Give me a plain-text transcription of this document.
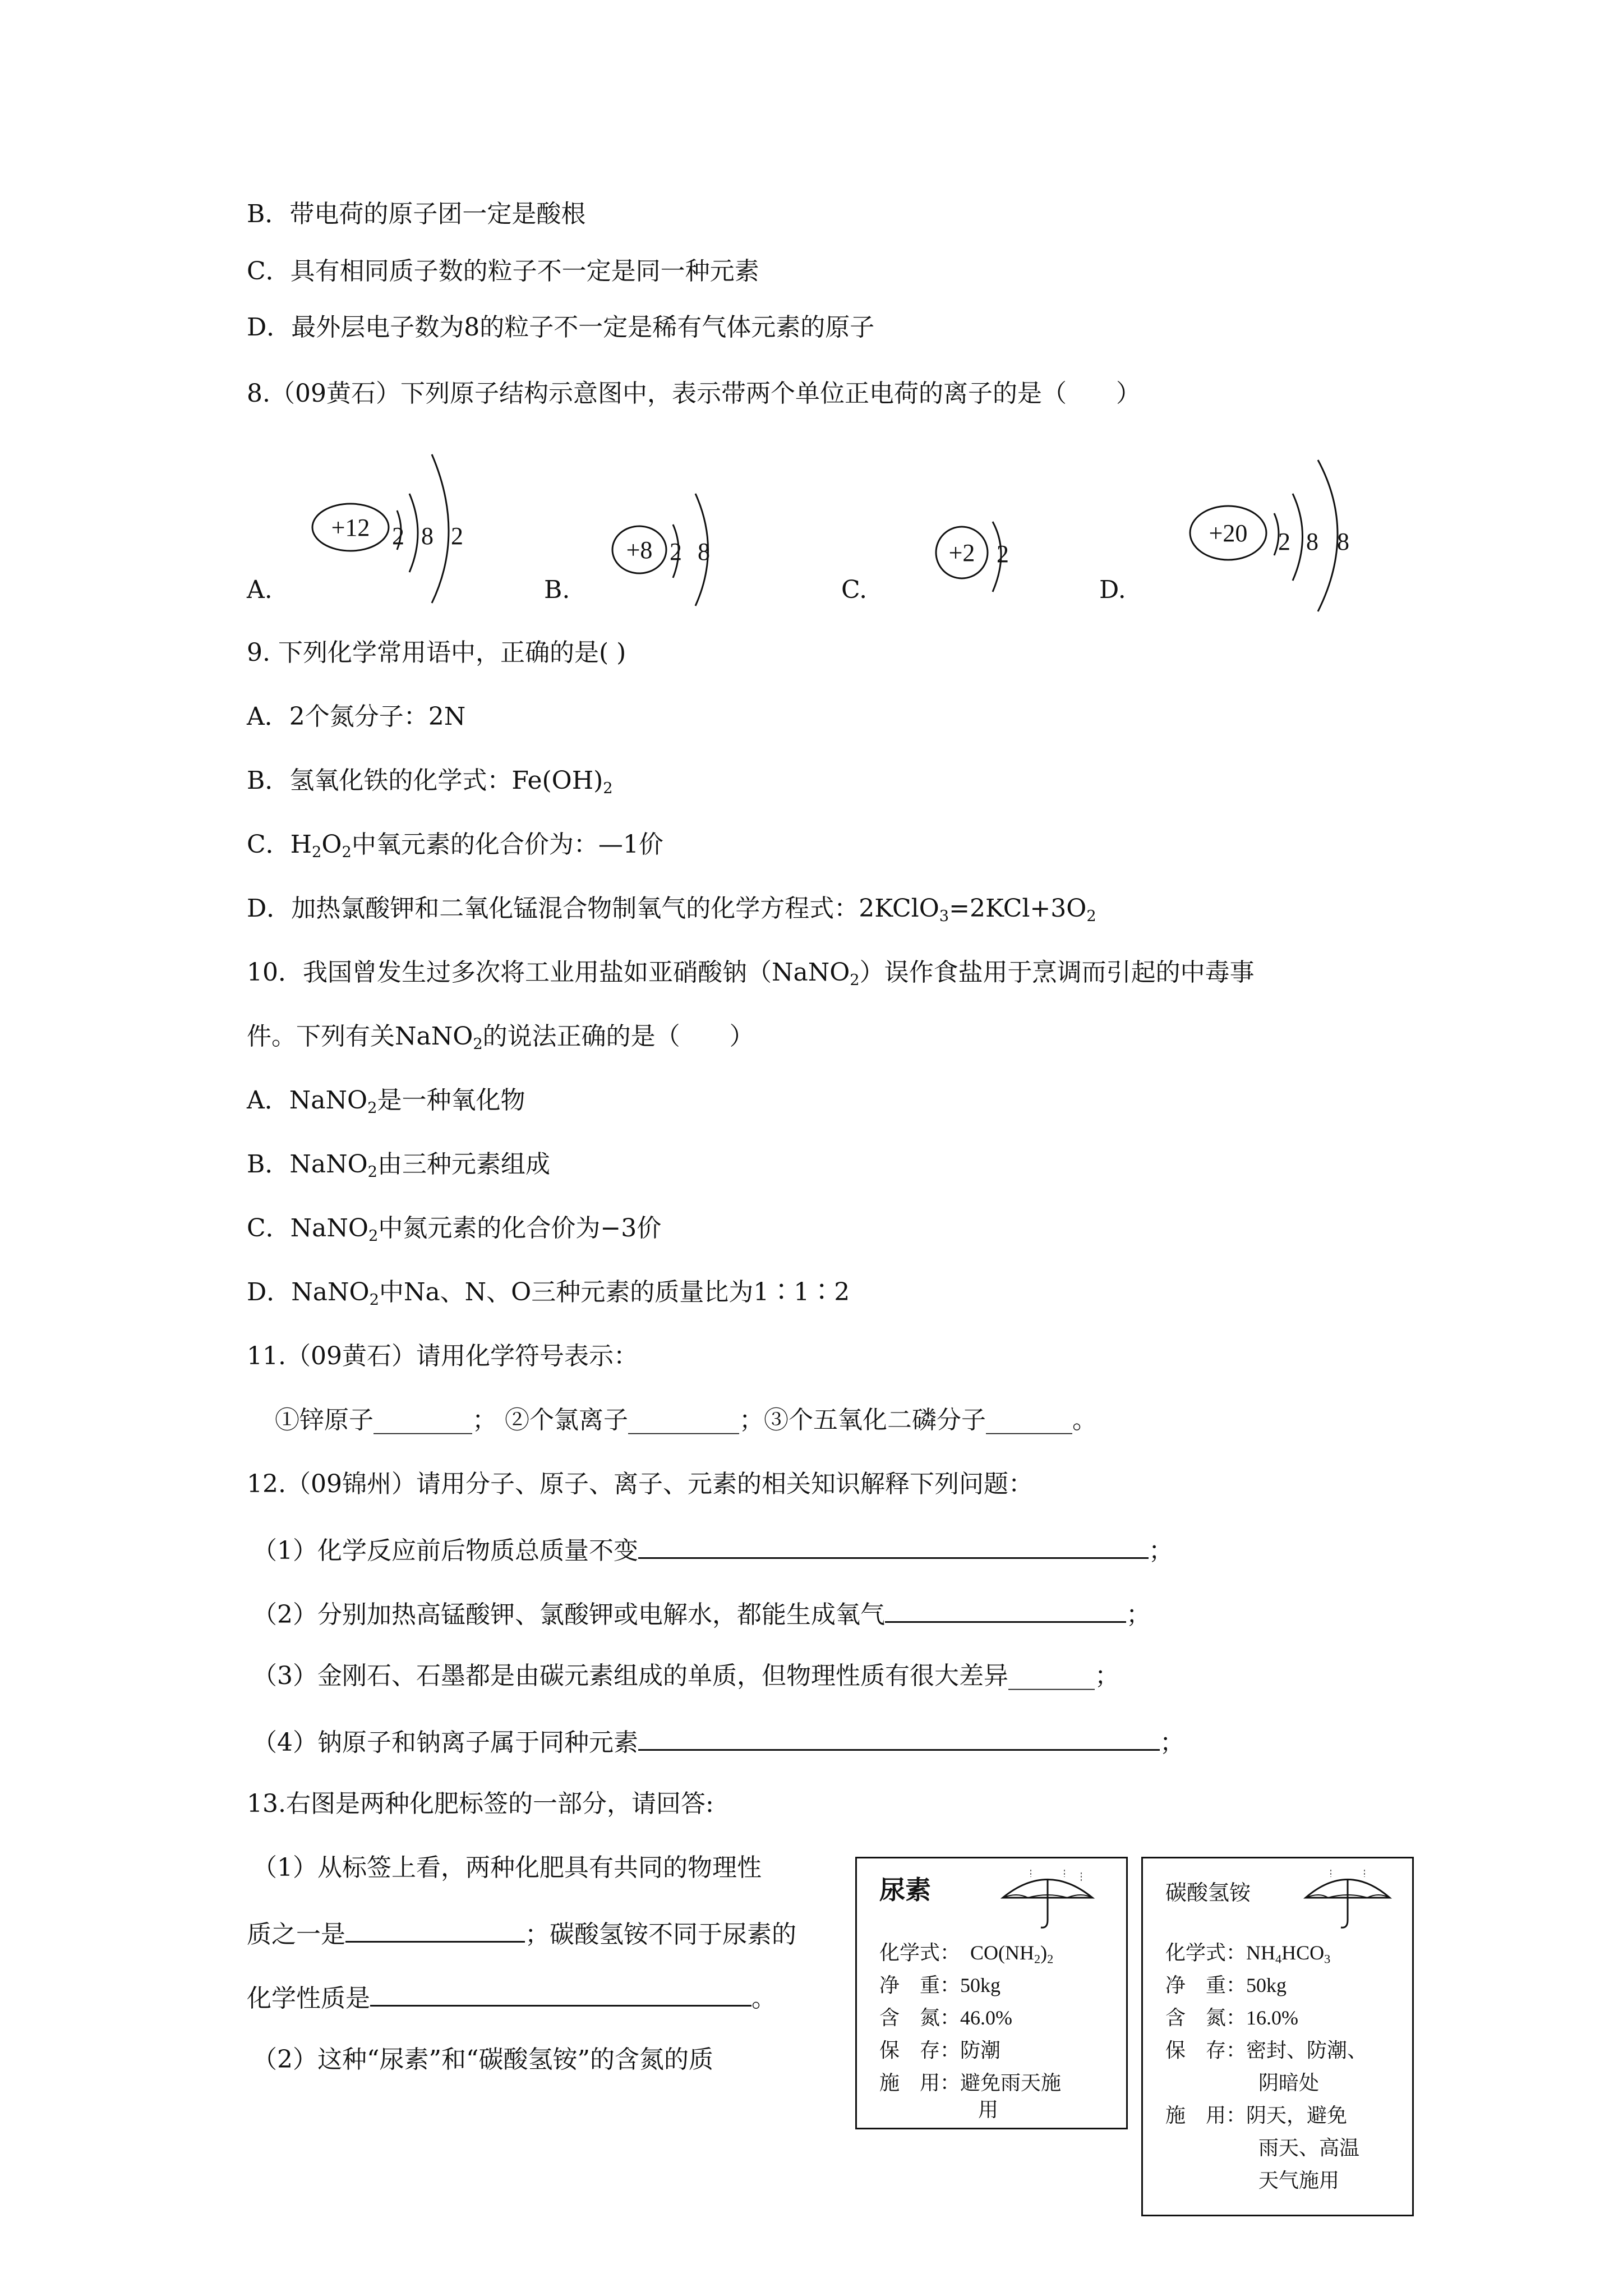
B．带电荷的原子团一定是酸根
C．具有相同质子数的粒子不一定是同一种元素
D．最外层电子数为8的粒子不一定是稀有气体元素的原子
8.（09黄石）下列原子结构示意图中，表示带两个单位正电荷的离子的是（　　）
A.	B.	C.	D.
+12 2 8 2
+8 2 8	+2 2
+20 2 8 8
9. 下列化学常用语中，正确的是( )
A．2个氮分子：2N
B．氢氧化铁的化学式：$Fe(OH)_2$
C．$H_2O_2$中氧元素的化合价为：—1价
D．加热氯酸钾和二氧化锰混合物制氧气的化学方程式：$2KClO_3=2KCl+3O_2$
10．我国曾发生过多次将工业用盐如亚硝酸钠（NaNO$_2$）误作食盐用于烹调而引起的中毒事
件。下列有关NaNO$_2$的说法正确的是（　　）
A．NaNO$_2$是一种氧化物
B．NaNO$_2$由三种元素组成
C．NaNO$_2$中氮元素的化合价为−3价
D．NaNO$_2$中Na、N、O三种元素的质量比为1∶1∶2
11.（09黄石）请用化学符号表示：
①锌原子________； ②个氯离子_________；③个五氧化二磷分子_______。
12.（09锦州）请用分子、原子、离子、元素的相关知识解释下列问题：
（1）化学反应前后物质总质量不变	；
（2）分别加热高锰酸钾、氯酸钾或电解水，都能生成氧气	；
（3）金刚石、石墨都是由碳元素组成的单质，但物理性质有很大差异_______；
（4）钠原子和钠离子属于同种元素	；
13.右图是两种化肥标签的一部分，请回答:
（1）从标签上看，两种化肥具有共同的物理性
质之一是	；碳酸氢铵不同于尿素的
化学性质是	。
（2）这种“尿素”和“碳酸氢铵”的含氮的质
尿素
化学式： $CO(NH_2)_2$
净　重：50kg
含　氮：46.0%
保　存：防潮
施　用：避免雨天施
用
碳酸氢铵
化学式：$NH_4HCO_3$
净　重：50kg
含　氮：16.0%
保　存：密封、防潮、
阴暗处
施　用：阴天，避免
雨天、高温
天气施用
